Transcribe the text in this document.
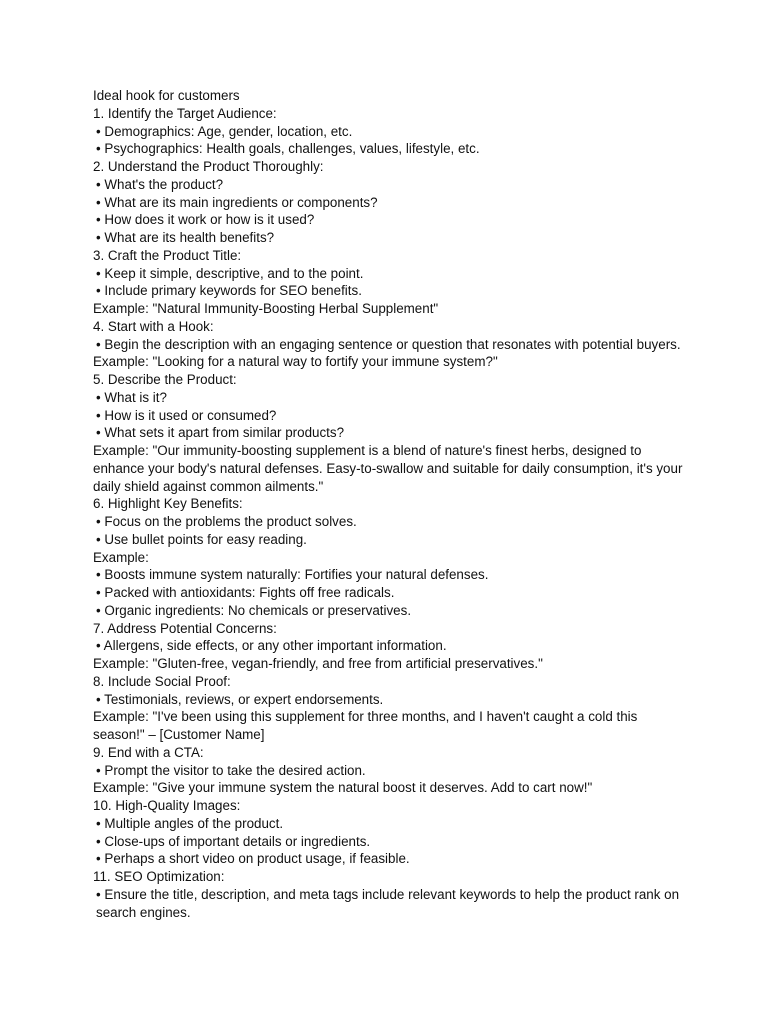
Ideal hook for customers

1. Identify the Target Audience:

• Demographics: Age, gender, location, etc.

• Psychographics: Health goals, challenges, values, lifestyle, etc.

2. Understand the Product Thoroughly:

• What's the product?

• What are its main ingredients or components?

• How does it work or how is it used?

• What are its health benefits?

3. Craft the Product Title:

• Keep it simple, descriptive, and to the point.

• Include primary keywords for SEO benefits.

Example: "Natural Immunity-Boosting Herbal Supplement"

4. Start with a Hook:

• Begin the description with an engaging sentence or question that resonates with potential buyers.

Example: "Looking for a natural way to fortify your immune system?"

5. Describe the Product:

• What is it?

• How is it used or consumed?

• What sets it apart from similar products?

Example: "Our immunity-boosting supplement is a blend of nature's finest herbs, designed to enhance your body's natural defenses. Easy-to-swallow and suitable for daily consumption, it's your daily shield against common ailments."

6. Highlight Key Benefits:

• Focus on the problems the product solves.

• Use bullet points for easy reading.

Example:

• Boosts immune system naturally: Fortifies your natural defenses.

• Packed with antioxidants: Fights off free radicals.

• Organic ingredients: No chemicals or preservatives.

7. Address Potential Concerns:

• Allergens, side effects, or any other important information.

Example: "Gluten-free, vegan-friendly, and free from artificial preservatives."

8. Include Social Proof:

• Testimonials, reviews, or expert endorsements.

Example: "I've been using this supplement for three months, and I haven't caught a cold this season!" – [Customer Name]

9. End with a CTA:

• Prompt the visitor to take the desired action.

Example: "Give your immune system the natural boost it deserves. Add to cart now!"

10. High-Quality Images:

• Multiple angles of the product.

• Close-ups of important details or ingredients.

• Perhaps a short video on product usage, if feasible.

11. SEO Optimization:

• Ensure the title, description, and meta tags include relevant keywords to help the product rank on search engines.
